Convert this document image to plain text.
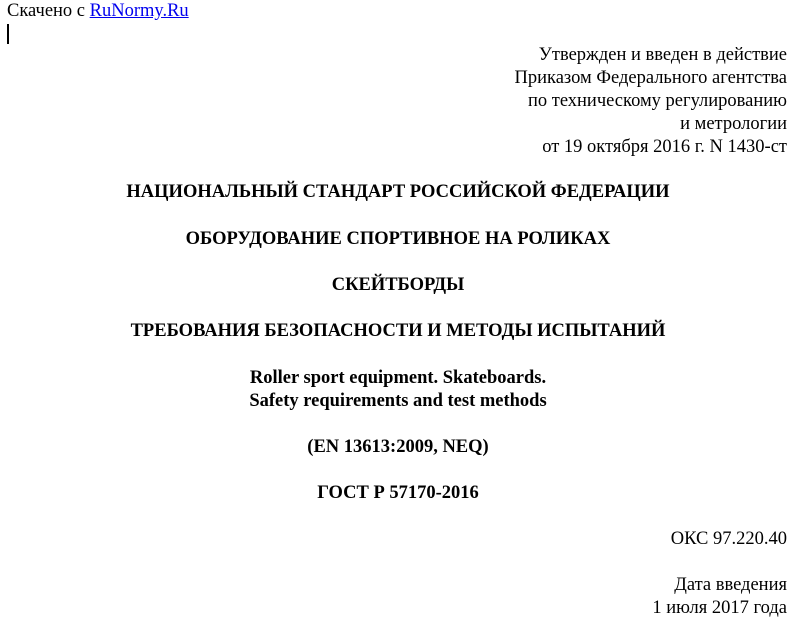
Скачено с RuNormy.Ru
Утвержден и введен в действие
Приказом Федерального агентства
по техническому регулированию
и метрологии
от 19 октября 2016 г. N 1430-ст
НАЦИОНАЛЬНЫЙ СТАНДАРТ РОССИЙСКОЙ ФЕДЕРАЦИИ
ОБОРУДОВАНИЕ СПОРТИВНОЕ НА РОЛИКАХ
СКЕЙТБОРДЫ
ТРЕБОВАНИЯ БЕЗОПАСНОСТИ И МЕТОДЫ ИСПЫТАНИЙ
Roller sport equipment. Skateboards.
Safety requirements and test methods
(EN 13613:2009, NEQ)
ГОСТ Р 57170-2016
ОКС 97.220.40
Дата введения
1 июля 2017 года
